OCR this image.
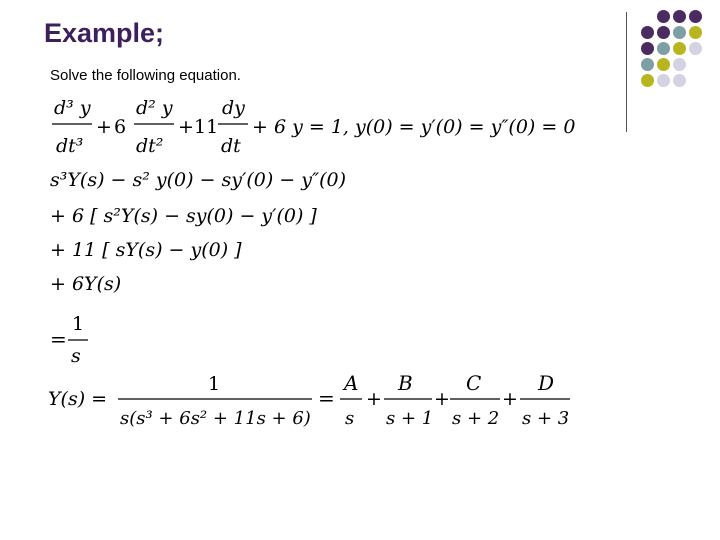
Example;

Solve the following equation.

d³ y
dt³
+ 6
d² y
dt²
+ 11
dy
dt
+ 6 y = 1, y(0) = y′(0) = y″(0) = 0
s³Y(s) − s² y(0) − sy′(0) − y″(0)
+ 6 [ s²Y(s) − sy(0) − y′(0) ]
+ 11 [ sY(s) − y(0) ]
+ 6Y(s)
=
1
s
Y(s) =
1
s(s³ + 6s² + 11s + 6)
=
A
s
+
B
s + 1
+
C
s + 2
+
D
s + 3
